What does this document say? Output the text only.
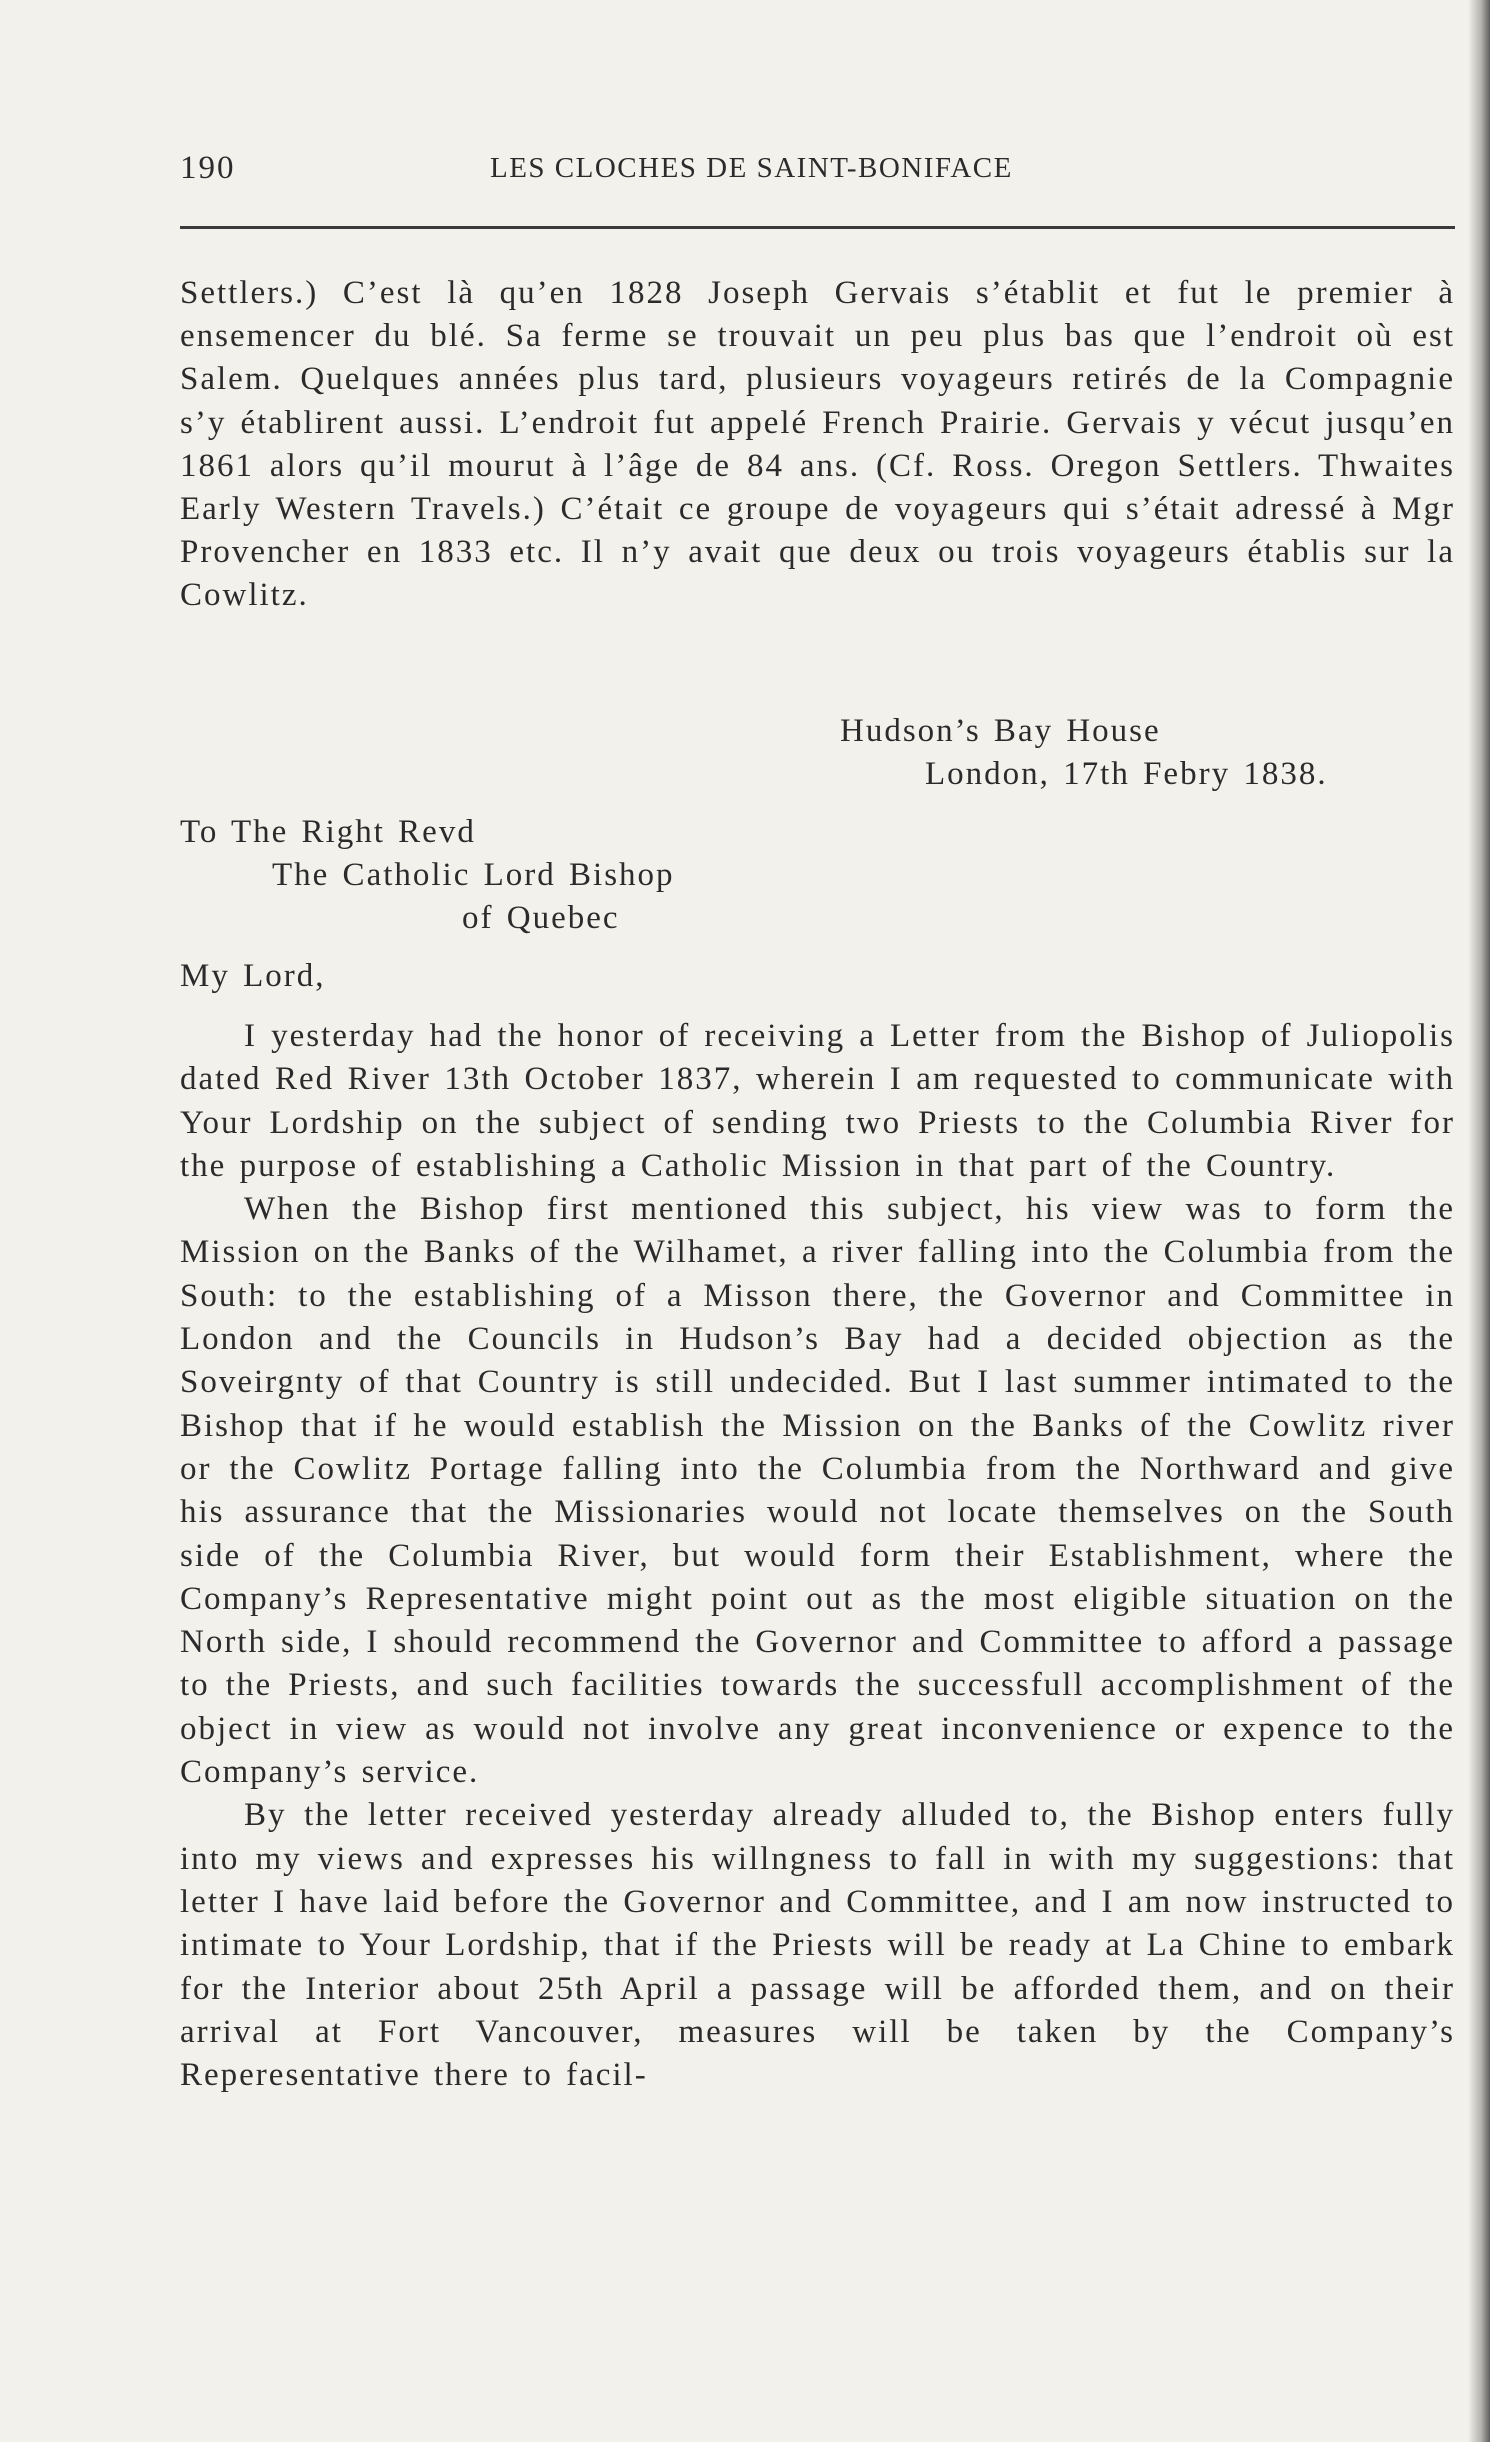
190	LES CLOCHES DE SAINT-BONIFACE

Settlers.) C’est là qu’en 1828 Joseph Gervais s’établit et fut le premier à ensemencer du blé. Sa ferme se trouvait un peu plus bas que l’endroit où est Salem. Quelques années plus tard, plusieurs voyageurs retirés de la Compagnie s’y établirent aussi. L’endroit fut appelé French Prairie. Gervais y vécut jusqu’en 1861 alors qu’il mourut à l’âge de 84 ans. (Cf. Ross. Oregon Settlers. Thwaites Early Western Travels.) C’était ce groupe de voyageurs qui s’était adressé à Mgr Provencher en 1833 etc. Il n’y avait que deux ou trois voyageurs établis sur la Cowlitz.

Hudson’s Bay House
London, 17th Febry 1838.
To The Right Revd
The Catholic Lord Bishop
of Quebec
My Lord,

I yesterday had the honor of receiving a Letter from the Bishop of Juliopolis dated Red River 13th October 1837, wherein I am requested to communicate with Your Lordship on the subject of sending two Priests to the Columbia River for the purpose of establishing a Catholic Mission in that part of the Country.

When the Bishop first mentioned this subject, his view was to form the Mission on the Banks of the Wilhamet, a river falling into the Columbia from the South: to the establishing of a Misson there, the Governor and Committee in London and the Councils in Hudson’s Bay had a decided objection as the Soveirgnty of that Country is still undecided. But I last summer intimated to the Bishop that if he would establish the Mission on the Banks of the Cowlitz river or the Cowlitz Portage falling into the Columbia from the Northward and give his assurance that the Missionaries would not locate themselves on the South side of the Columbia River, but would form their Establishment, where the Company’s Representative might point out as the most eligible situation on the North side, I should recommend the Governor and Committee to afford a passage to the Priests, and such facilities towards the successfull accomplishment of the object in view as would not involve any great inconvenience or expence to the Company’s service.

By the letter received yesterday already alluded to, the Bishop enters fully into my views and expresses his willngness to fall in with my suggestions: that letter I have laid before the Governor and Committee, and I am now instructed to intimate to Your Lordship, that if the Priests will be ready at La Chine to embark for the Interior about 25th April a passage will be afforded them, and on their arrival at Fort Vancouver, measures will be taken by the Company’s Reperesentative there to facil-
